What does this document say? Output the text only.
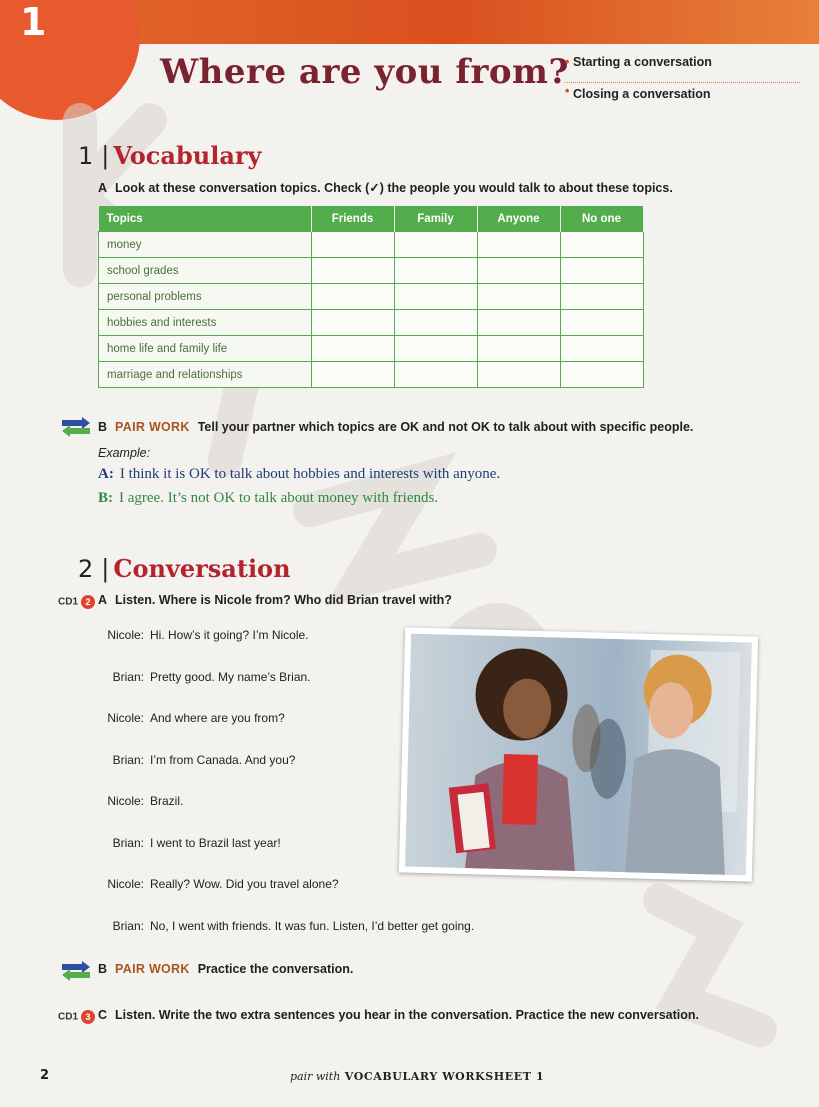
1
Where are you from? • Starting a conversation
• Closing a conversation
1 | Vocabulary
A Look at these conversation topics. Check (✓) the people you would talk to about these topics.
Topics	Friends	Family	Anyone	No one
money				
school grades				
personal problems				
hobbies and interests				
home life and family life				
marriage and relationships				
B PAIR WORK Tell your partner which topics are OK and not OK to talk about with specific people.
Example:
A: I think it is OK to talk about hobbies and interests with anyone.
B: I agree. It’s not OK to talk about money with friends.
2 | Conversation
CD1 2 A Listen. Where is Nicole from? Who did Brian travel with?
Nicole: Hi. How’s it going? I’m Nicole.
Brian: Pretty good. My name’s Brian.
Nicole: And where are you from?
Brian: I’m from Canada. And you?
Nicole: Brazil.
Brian: I went to Brazil last year!
Nicole: Really? Wow. Did you travel alone?
Brian: No, I went with friends. It was fun. Listen, I’d better get going.
B PAIR WORK Practice the conversation.
CD1 3 C Listen. Write the two extra sentences you hear in the conversation. Practice the new conversation.
2	pair with VOCABULARY WORKSHEET 1
